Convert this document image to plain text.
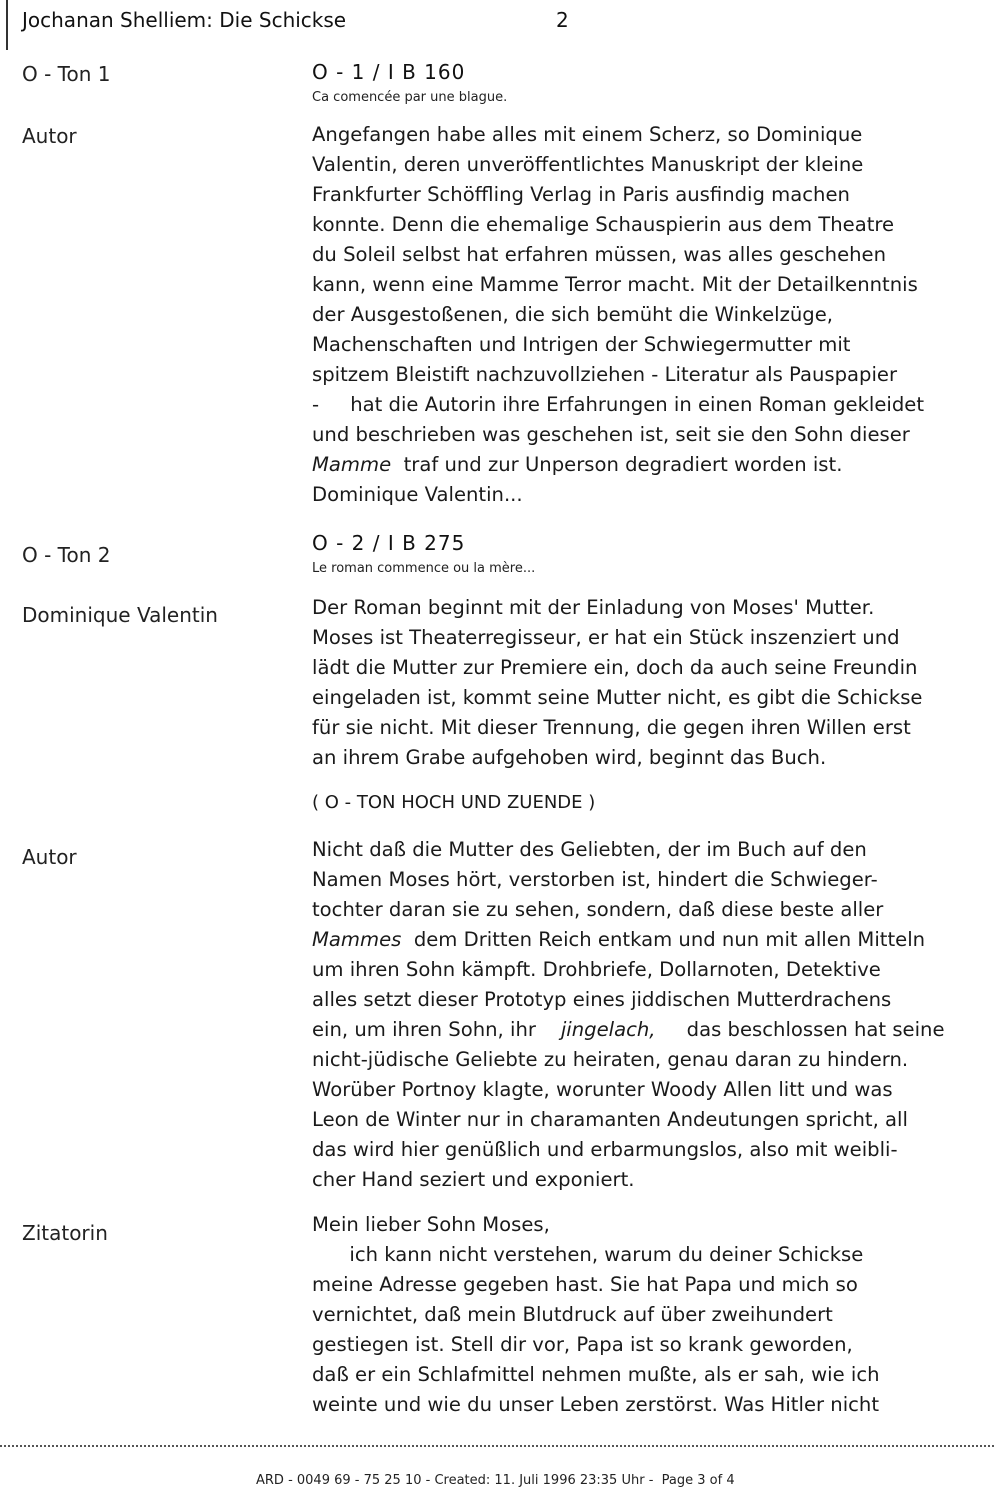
Jochanan Shelliem: Die Schickse	2
O - Ton 1	O - 1 / I B 160
Ca comencée par une blague.
Autor	Angefangen habe alles mit einem Scherz, so Dominique
Valentin, deren unveröffentlichtes Manuskript der kleine
Frankfurter Schöffling Verlag in Paris ausfindig machen
konnte. Denn die ehemalige Schauspierin aus dem Theatre
du Soleil selbst hat erfahren müssen, was alles geschehen
kann, wenn eine Mamme Terror macht. Mit der Detailkenntnis
der Ausgestoßenen, die sich bemüht die Winkelzüge,
Machenschaften und Intrigen der Schwiegermutter mit
spitzem Bleistift nachzuvollziehen - Literatur als Pauspapier
-     hat die Autorin ihre Erfahrungen in einen Roman gekleidet
und beschrieben was geschehen ist, seit sie den Sohn dieser
Mamme  traf und zur Unperson degradiert worden ist.
Dominique Valentin...
O - Ton 2	O - 2 / I B 275
Le roman commence ou la mère...
Dominique Valentin	Der Roman beginnt mit der Einladung von Moses' Mutter.
Moses ist Theaterregisseur, er hat ein Stück inszenziert und
lädt die Mutter zur Premiere ein, doch da auch seine Freundin
eingeladen ist, kommt seine Mutter nicht, es gibt die Schickse
für sie nicht. Mit dieser Trennung, die gegen ihren Willen erst
an ihrem Grabe aufgehoben wird, beginnt das Buch.
( O - TON HOCH UND ZUENDE )
Autor	Nicht daß die Mutter des Geliebten, der im Buch auf den
Namen Moses hört, verstorben ist, hindert die Schwieger-
tochter daran sie zu sehen, sondern, daß diese beste aller
Mammes  dem Dritten Reich entkam und nun mit allen Mitteln
um ihren Sohn kämpft. Drohbriefe, Dollarnoten, Detektive
alles setzt dieser Prototyp eines jiddischen Mutterdrachens
ein, um ihren Sohn, ihr    jingelach,     das beschlossen hat seine
nicht-jüdische Geliebte zu heiraten, genau daran zu hindern.
Worüber Portnoy klagte, worunter Woody Allen litt und was
Leon de Winter nur in charamanten Andeutungen spricht, all
das wird hier genüßlich und erbarmungslos, also mit weibli-
cher Hand seziert und exponiert.
Zitatorin	Mein lieber Sohn Moses,
ich kann nicht verstehen, warum du deiner Schickse
meine Adresse gegeben hast. Sie hat Papa und mich so
vernichtet, daß mein Blutdruck auf über zweihundert
gestiegen ist. Stell dir vor, Papa ist so krank geworden,
daß er ein Schlafmittel nehmen mußte, als er sah, wie ich
weinte und wie du unser Leben zerstörst. Was Hitler nicht
ARD - 0049 69 - 75 25 10 - Created: 11. Juli 1996 23:35 Uhr -  Page 3 of 4
